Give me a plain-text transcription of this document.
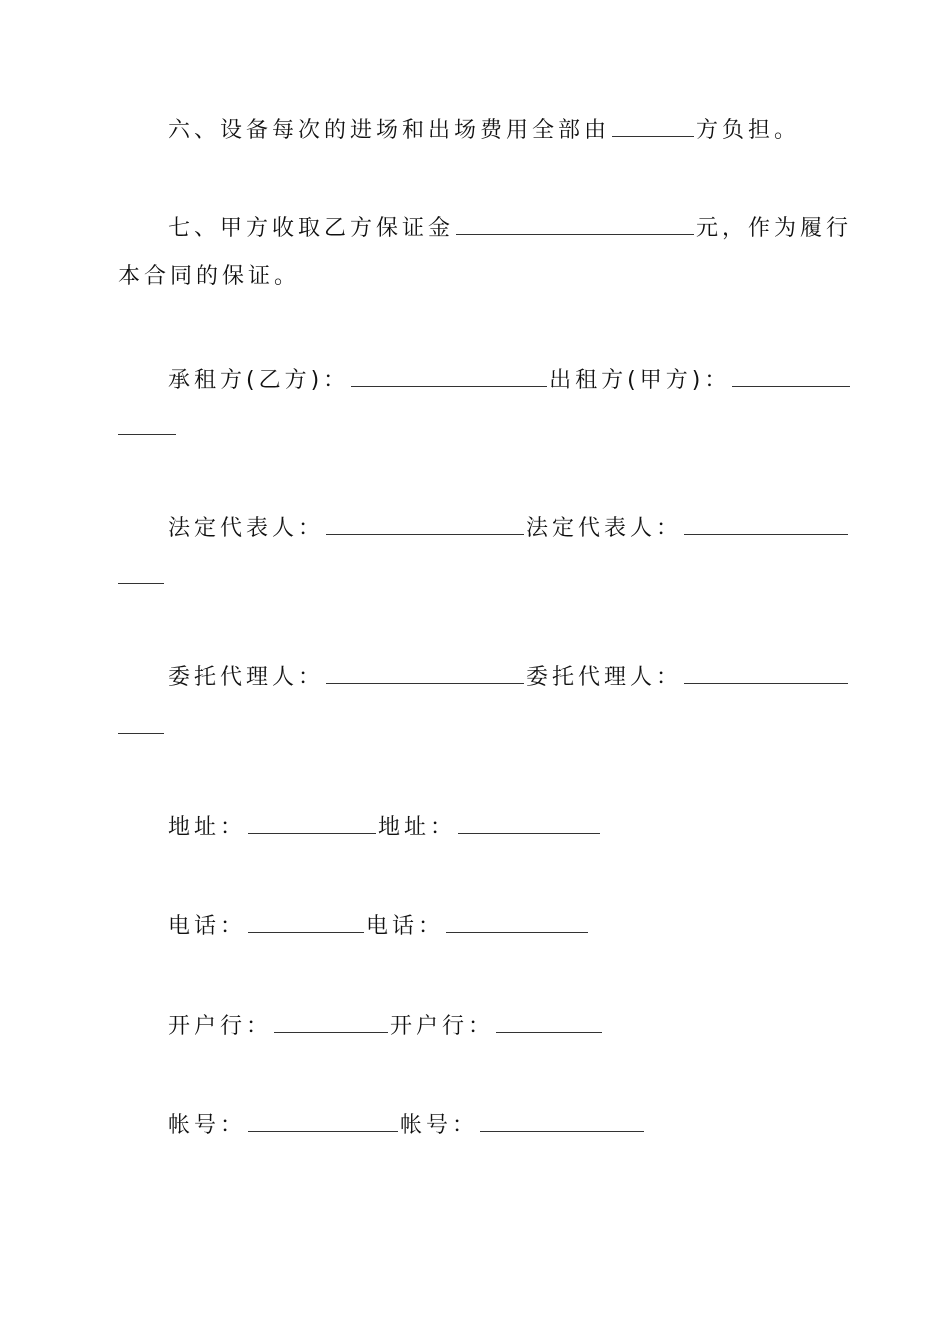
六、设备每次的进场和出场费用全部由	方负担。
七、甲方收取乙方保证金	元，作为履行
本合同的保证。
承租方(乙方)：	出租方(甲方)：
法定代表人：	法定代表人：
委托代理人：	委托代理人：
地址：	地址：
电话：	电话：
开户行：	开户行：
帐号：	帐号：
